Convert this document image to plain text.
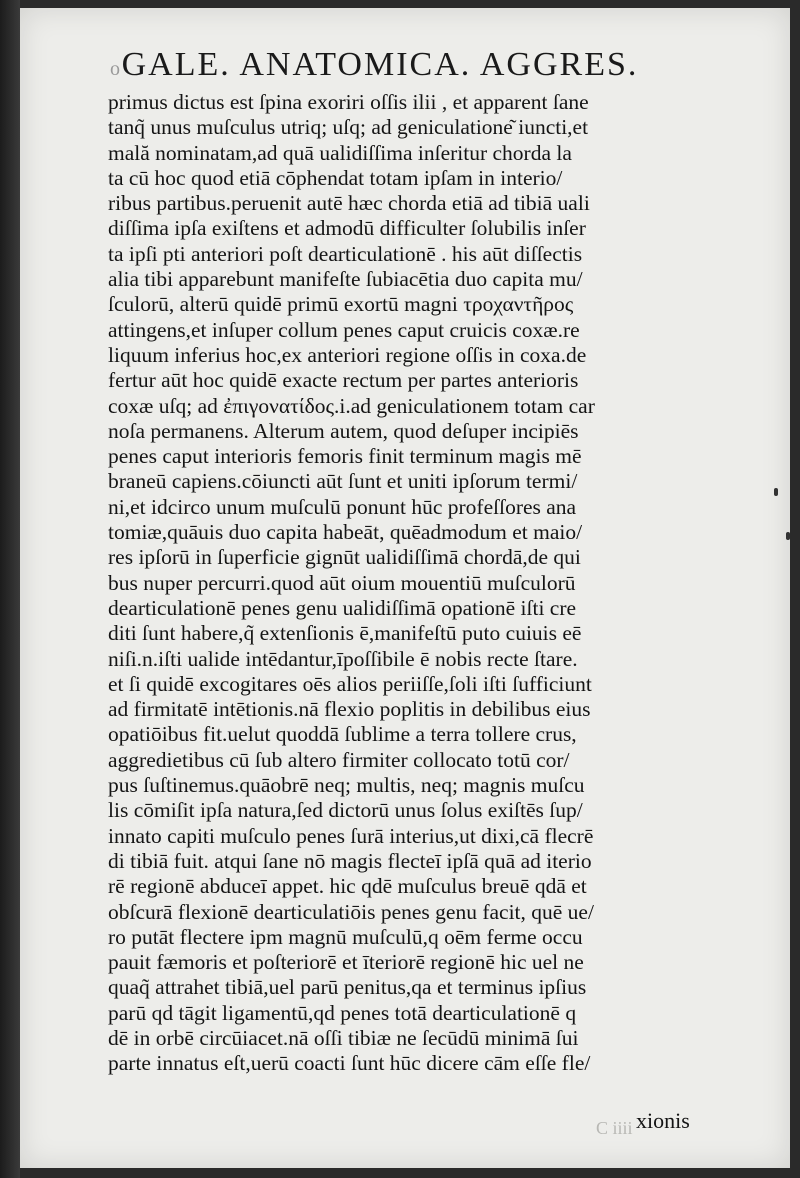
o GALE. ANATOMICA. AGGRES.
primus dictus est ſpina exoriri oſſis ilii , et apparent ſane
tanq̃ unus muſculus utriq; uſq; ad geniculatione͂ iuncti,et
mală nominatam,ad quā ualidiſſima inſeritur chorda la
ta cū hoc quod etiā cōphendat totam ipſam in interio/
ribus partibus.peruenit autē hæc chorda etiā ad tibiā uali
diſſima ipſa exiſtens et admodū difficulter ſolubilis inſer
ta ipſi pti anteriori poſt dearticulationē . his aūt diſſectis
alia tibi apparebunt manifeſte ſubiacētia duo capita mu/
ſculorū, alterū quidē primū exortū magni τροχαντῆρος
attingens,et inſuper collum penes caput cruicis coxæ.re
liquum inferius hoc,ex anteriori regione oſſis in coxa.de
fertur aūt hoc quidē exacte rectum per partes anterioris
coxæ uſq; ad ἐπιγονατίδος.i.ad geniculationem totam car
noſa permanens. Alterum autem, quod deſuper incipiēs
penes caput interioris femoris finit terminum magis mē
braneū capiens.cōiuncti aūt ſunt et uniti ipſorum termi/
ni,et idcirco unum muſculū ponunt hūc profeſſores ana
tomiæ,quāuis duo capita habeāt, quēadmodum et maio/
res ipſorū in ſuperficie gignūt ualidiſſimā chordā,de qui
bus nuper percurri.quod aūt oium mouentiū muſculorū
dearticulationē penes genu ualidiſſimā opationē iſti cre
diti ſunt habere,q̃ extenſionis ē,manifeſtū puto cuiuis eē
niſi.n.iſti ualide intēdantur,īpoſſibile ē nobis recte ſtare.
et ſi quidē excogitares oēs alios periiſſe,ſoli iſti ſufficiunt
ad firmitatē intētionis.nā flexio poplitis in debilibus eius
opatiōibus fit.uelut quoddā ſublime a terra tollere crus,
aggredietibus cū ſub altero firmiter collocato totū cor/
pus ſuſtinemus.quāobrē neq; multis, neq; magnis muſcu
lis cōmiſit ipſa natura,ſed dictorū unus ſolus exiſtēs ſup/
innato capiti muſculo penes ſurā interius,ut dixi,cā flecrē
di tibiā fuit. atqui ſane nō magis flecteī ipſā quā ad iterio
rē regionē abduceī appet. hic qdē muſculus breuē qdā et
obſcurā flexionē dearticulatiōis penes genu facit, quē ue/
ro putāt flectere ipm magnū muſculū,q oēm ferme occu
pauit fæmoris et poſteriorē et īteriorē regionē hic uel ne
quaq̃ attrahet tibiā,uel parū penitus,qa et terminus ipſius
parū qd tāgit ligamentū,qd penes totā dearticulationē q
dē in orbē circūiacet.nā oſſi tibiæ ne ſecūdū minimā ſui
parte innatus eſt,uerū coacti ſunt hūc dicere cām eſſe fle/
C iiii xionis
